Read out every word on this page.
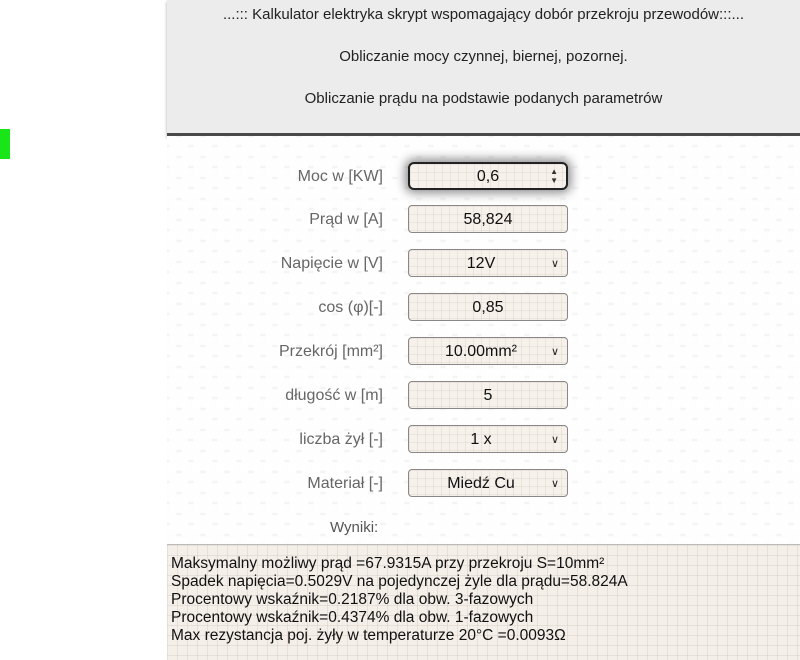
...::: Kalkulator elektryka skrypt wspomagający dobór przekroju przewodów:::...
Obliczanie mocy czynnej, biernej, pozornej.
Obliczanie prądu na podstawie podanych parametrów
Moc w [KW]	0,6	▲
▼
Prąd w [A]	58,824
Napięcie w [V]	12V	∨
cos (φ)[-]	0,85
Przekrój [mm²]	10.00mm²	∨
długość w [m]	5
liczba żył [-]	1 x	∨
Materiał [-]	Miedź Cu	∨
Wyniki:
Maksymalny możliwy prąd =67.9315A przy przekroju S=10mm²
Spadek napięcia=0.5029V na pojedynczej żyle dla prądu=58.824A
Procentowy wskaźnik=0.2187% dla obw. 3-fazowych
Procentowy wskaźnik=0.4374% dla obw. 1-fazowych
Max rezystancja poj. żyły w temperaturze 20°C =0.0093Ω
